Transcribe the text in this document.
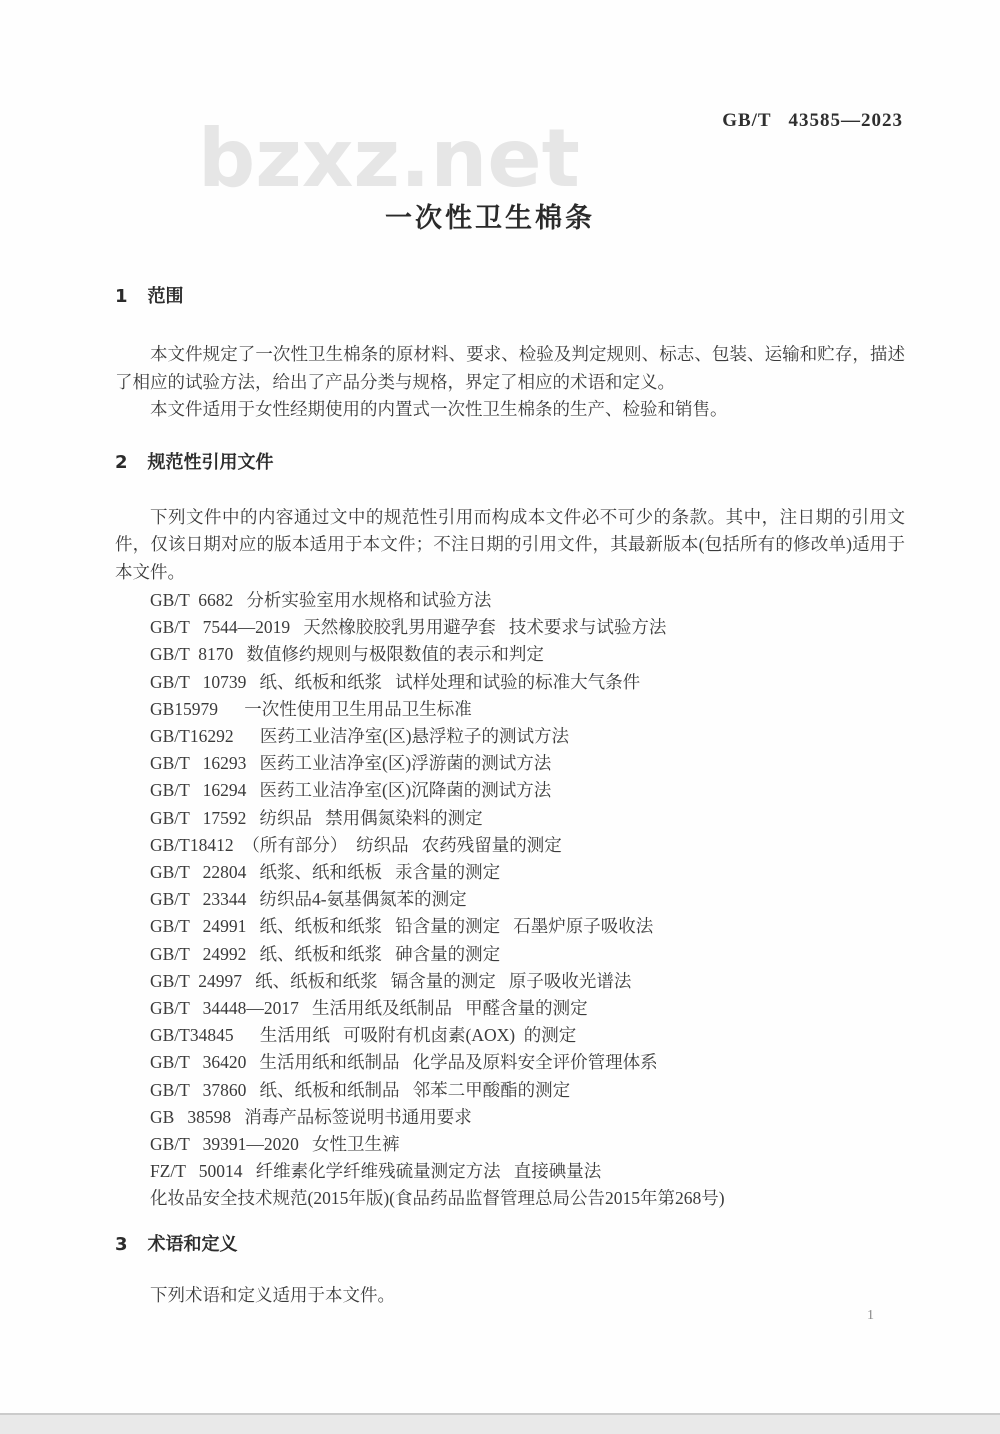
GB/T   43585—2023
bzxz.net
一次性卫生棉条
1 范围

本文件规定了一次性卫生棉条的原材料、要求、检验及判定规则、标志、包装、运输和贮存，描述了相应的试验方法，给出了产品分类与规格，界定了相应的术语和定义。

本文件适用于女性经期使用的内置式一次性卫生棉条的生产、检验和销售。

2 规范性引用文件

下列文件中的内容通过文中的规范性引用而构成本文件必不可少的条款。其中，注日期的引用文件，仅该日期对应的版本适用于本文件；不注日期的引用文件，其最新版本(包括所有的修改单)适用于本文件。

GB/T  6682   分析实验室用水规格和试验方法
GB/T   7544—2019   天然橡胶胶乳男用避孕套   技术要求与试验方法
GB/T  8170   数值修约规则与极限数值的表示和判定
GB/T   10739   纸、纸板和纸浆   试样处理和试验的标准大气条件
GB15979      一次性使用卫生用品卫生标准
GB/T16292      医药工业洁净室(区)悬浮粒子的测试方法
GB/T   16293   医药工业洁净室(区)浮游菌的测试方法
GB/T   16294   医药工业洁净室(区)沉降菌的测试方法
GB/T   17592   纺织品   禁用偶氮染料的测定
GB/T18412  （所有部分）  纺织品   农药残留量的测定
GB/T   22804   纸浆、纸和纸板   汞含量的测定
GB/T   23344   纺织品4-氨基偶氮苯的测定
GB/T   24991   纸、纸板和纸浆   铅含量的测定   石墨炉原子吸收法
GB/T   24992   纸、纸板和纸浆   砷含量的测定
GB/T  24997   纸、纸板和纸浆   镉含量的测定   原子吸收光谱法
GB/T   34448—2017   生活用纸及纸制品   甲醛含量的测定
GB/T34845      生活用纸   可吸附有机卤素(AOX)  的测定
GB/T   36420   生活用纸和纸制品   化学品及原料安全评价管理体系
GB/T   37860   纸、纸板和纸制品   邻苯二甲酸酯的测定
GB   38598   消毒产品标签说明书通用要求
GB/T   39391—2020   女性卫生裤
FZ/T   50014   纤维素化学纤维残硫量测定方法   直接碘量法
化妆品安全技术规范(2015年版)(食品药品监督管理总局公告2015年第268号)
3 术语和定义

下列术语和定义适用于本文件。

1
